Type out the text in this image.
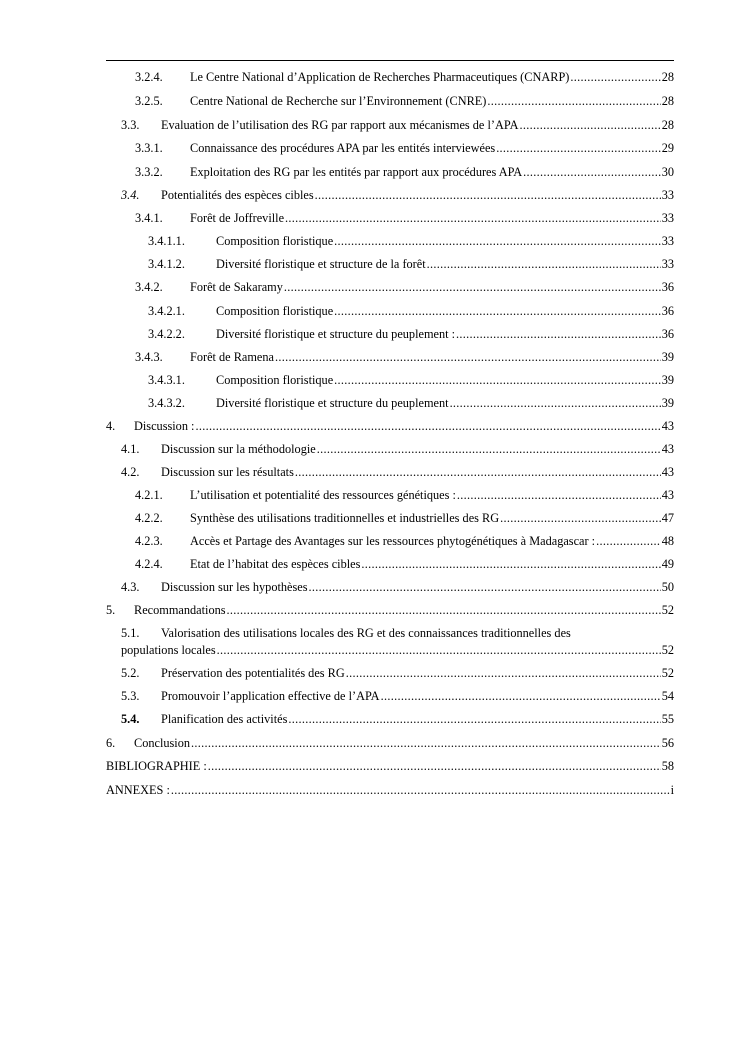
3.2.4.	Le Centre National d’Application de Recherches Pharmaceutiques (CNARP) .....	28
3.2.5.	Centre National de Recherche sur l’Environnement (CNRE) .....	28
3.3.	Evaluation de l’utilisation des RG par rapport aux mécanismes de l’APA .....	28
3.3.1.	Connaissance des procédures APA par les entités interviewées .....	29
3.3.2.	Exploitation des RG par les entités par rapport aux procédures APA .....	30
3.4.	Potentialités des espèces cibles .....	33
3.4.1.	Forêt de Joffreville .....	33
3.4.1.1.	Composition floristique .....	33
3.4.1.2.	Diversité floristique et structure de la forêt .....	33
3.4.2.	Forêt de Sakaramy .....	36
3.4.2.1.	Composition floristique .....	36
3.4.2.2.	Diversité floristique et structure du peuplement : .....	36
3.4.3.	Forêt de Ramena .....	39
3.4.3.1.	Composition floristique .....	39
3.4.3.2.	Diversité floristique et structure du peuplement .....	39
4.	Discussion : .....	43
4.1.	Discussion sur la méthodologie .....	43
4.2.	Discussion sur les résultats .....	43
4.2.1.	L’utilisation et potentialité des ressources génétiques : .....	43
4.2.2.	Synthèse des utilisations traditionnelles et industrielles des RG .....	47
4.2.3.	Accès et Partage des Avantages sur les ressources phytogénétiques à Madagascar : .....	48
4.2.4.	Etat de l’habitat des espèces cibles .....	49
4.3.	Discussion sur les hypothèses .....	50
5.	Recommandations .....	52
5.1. Valorisation des utilisations locales des RG et des connaissances traditionnelles des
populations locales .....	52
5.2.	Préservation des potentialités des RG .....	52
5.3.	Promouvoir l’application effective de l’APA .....	54
5.4.	Planification des activités .....	55
6.	Conclusion .....	56
BIBLIOGRAPHIE : .....	58
ANNEXES : .....	i
